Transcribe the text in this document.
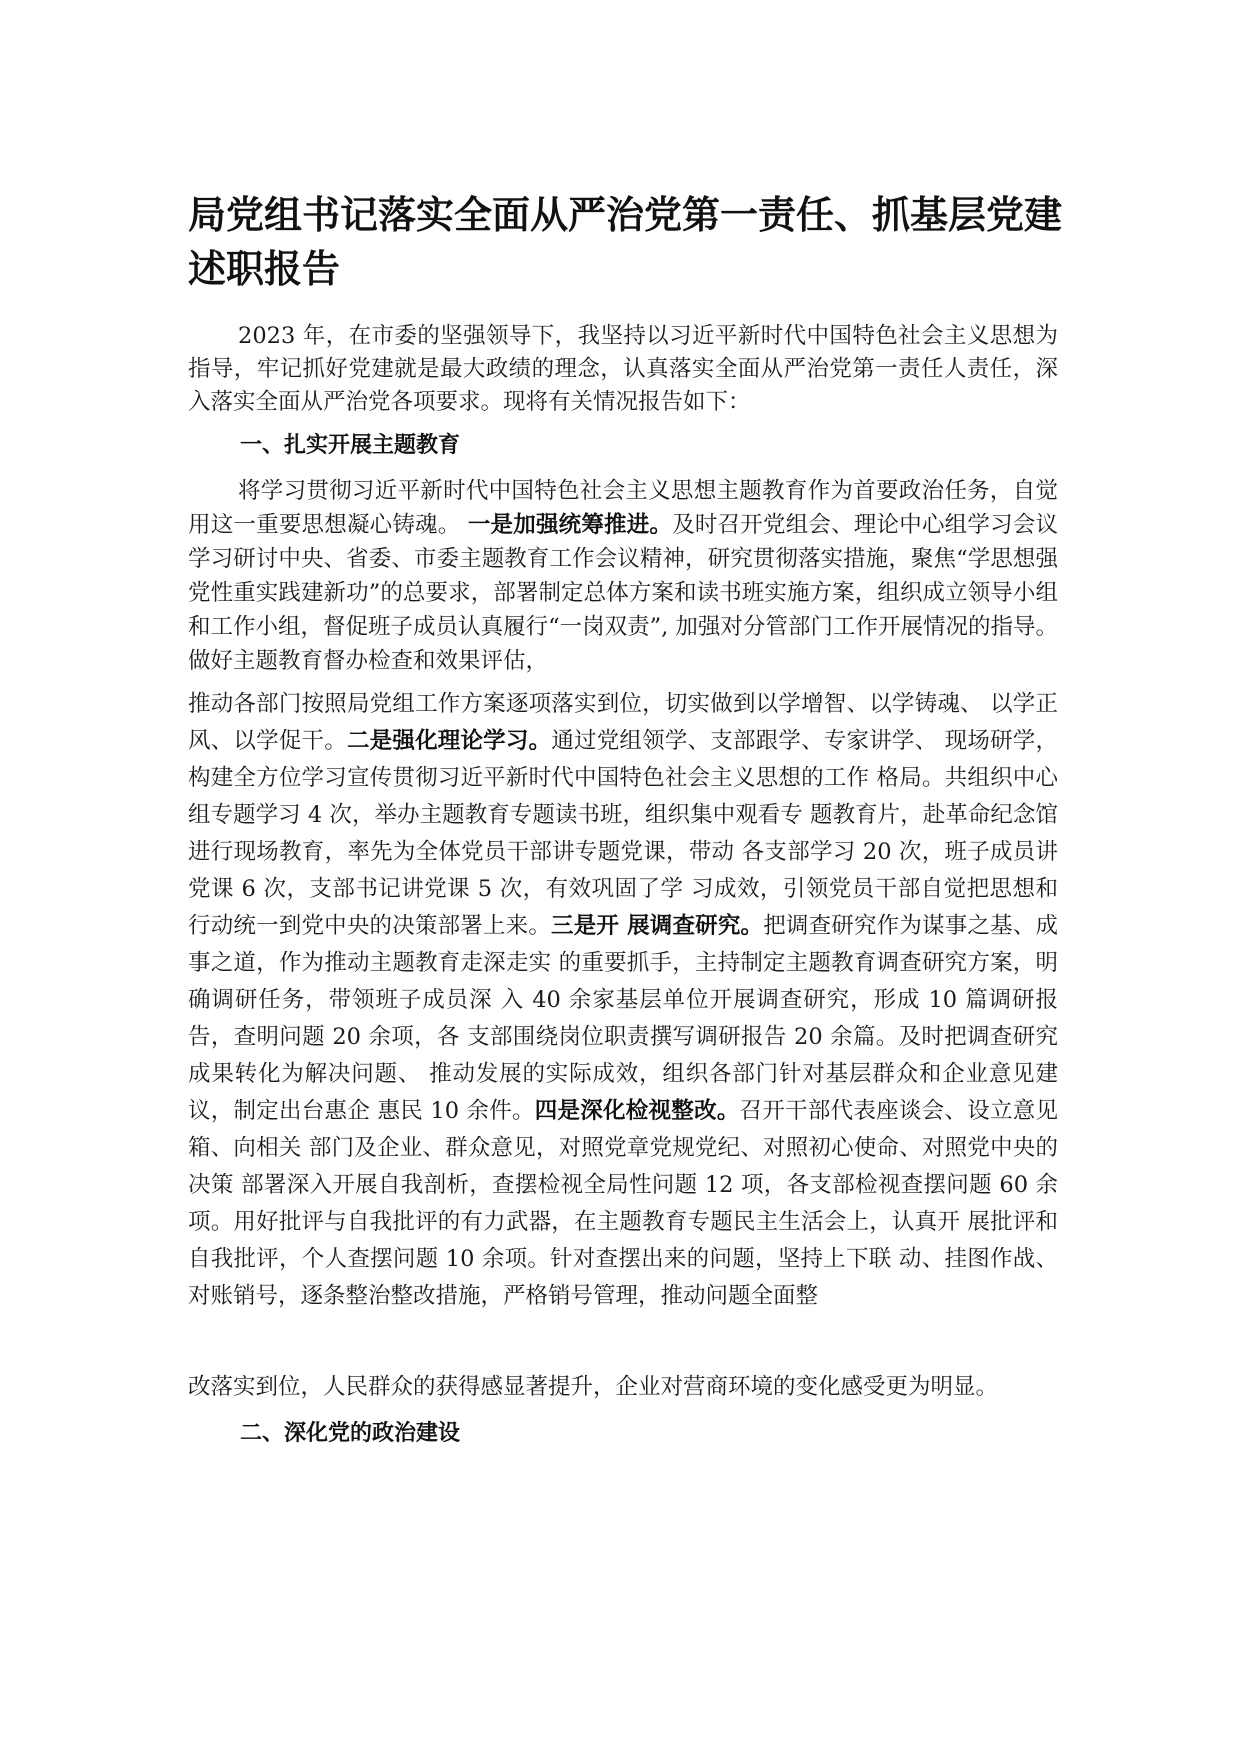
局党组书记落实全面从严治党第一责任、抓基层党建述职报告

2023 年，在市委的坚强领导下，我坚持以习近平新时代中国特色社会主义思想为指导，牢记抓好党建就是最大政绩的理念，认真落实全面从严治党第一责任人责任，深入落实全面从严治党各项要求。现将有关情况报告如下：

一、扎实开展主题教育

将学习贯彻习近平新时代中国特色社会主义思想主题教育作为首要政治任务，自觉用这一重要思想凝心铸魂。 一是加强统筹推进。及时召开党组会、理论中心组学习会议学习研讨中央、省委、市委主题教育工作会议精神，研究贯彻落实措施，聚焦“学思想强党性重实践建新功”的总要求，部署制定总体方案和读书班实施方案，组织成立领导小组和工作小组，督促班子成员认真履行“一岗双责”, 加强对分管部门工作开展情况的指导。做好主题教育督办检查和效果评估，

推动各部门按照局党组工作方案逐项落实到位，切实做到以学增智、以学铸魂、 以学正风、以学促干。二是强化理论学习。通过党组领学、支部跟学、专家讲学、 现场研学，构建全方位学习宣传贯彻习近平新时代中国特色社会主义思想的工作 格局。共组织中心组专题学习 4 次，举办主题教育专题读书班，组织集中观看专 题教育片，赴革命纪念馆进行现场教育，率先为全体党员干部讲专题党课，带动 各支部学习 20 次，班子成员讲党课 6 次，支部书记讲党课 5 次，有效巩固了学 习成效，引领党员干部自觉把思想和行动统一到党中央的决策部署上来。三是开 展调查研究。把调查研究作为谋事之基、成事之道，作为推动主题教育走深走实 的重要抓手，主持制定主题教育调查研究方案，明确调研任务，带领班子成员深 入 40 余家基层单位开展调查研究，形成 10 篇调研报告，查明问题 20 余项，各 支部围绕岗位职责撰写调研报告 20 余篇。及时把调查研究成果转化为解决问题、 推动发展的实际成效，组织各部门针对基层群众和企业意见建议，制定出台惠企 惠民 10 余件。四是深化检视整改。召开干部代表座谈会、设立意见箱、向相关 部门及企业、群众意见，对照党章党规党纪、对照初心使命、对照党中央的决策 部署深入开展自我剖析，查摆检视全局性问题 12 项，各支部检视查摆问题 60 余项。用好批评与自我批评的有力武器，在主题教育专题民主生活会上，认真开 展批评和自我批评，个人查摆问题 10 余项。针对查摆出来的问题，坚持上下联 动、挂图作战、对账销号，逐条整治整改措施，严格销号管理，推动问题全面整

改落实到位，人民群众的获得感显著提升，企业对营商环境的变化感受更为明显。

二、深化党的政治建设
